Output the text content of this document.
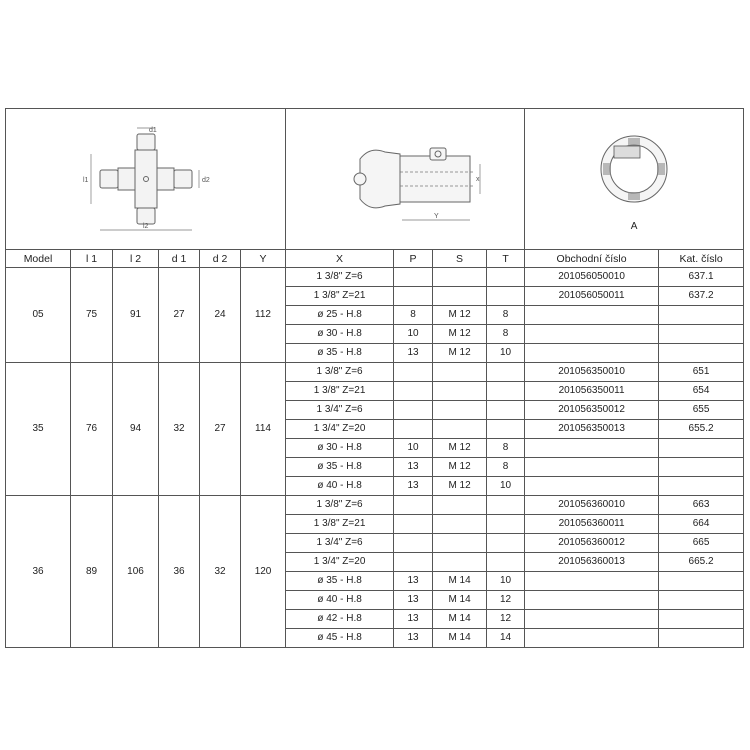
d1
d2
l1
l2						x
Y				A	

Model	l 1	l 2	d 1	d 2	Y	X	P	S	T	Obchodní číslo	Kat. číslo
05	75	91	27	24	112	1 3/8" Z=6				201056050010	637.1
						1 3/8" Z=21				201056050011	637.2
						ø 25 - H.8	8	M 12	8		
						ø 30 - H.8	10	M 12	8		
						ø 35 - H.8	13	M 12	10		
35	76	94	32	27	114	1 3/8" Z=6				201056350010	651
						1 3/8" Z=21				201056350011	654
						1 3/4" Z=6				201056350012	655
						1 3/4" Z=20				201056350013	655.2
						ø 30 - H.8	10	M 12	8		
						ø 35 - H.8	13	M 12	8		
						ø 40 - H.8	13	M 12	10		
36	89	106	36	32	120	1 3/8" Z=6				201056360010	663
						1 3/8" Z=21				201056360011	664
						1 3/4" Z=6				201056360012	665
						1 3/4" Z=20				201056360013	665.2
						ø 35 - H.8	13	M 14	10		
						ø 40 - H.8	13	M 14	12		
						ø 42 - H.8	13	M 14	12		
						ø 45 - H.8	13	M 14	14		
